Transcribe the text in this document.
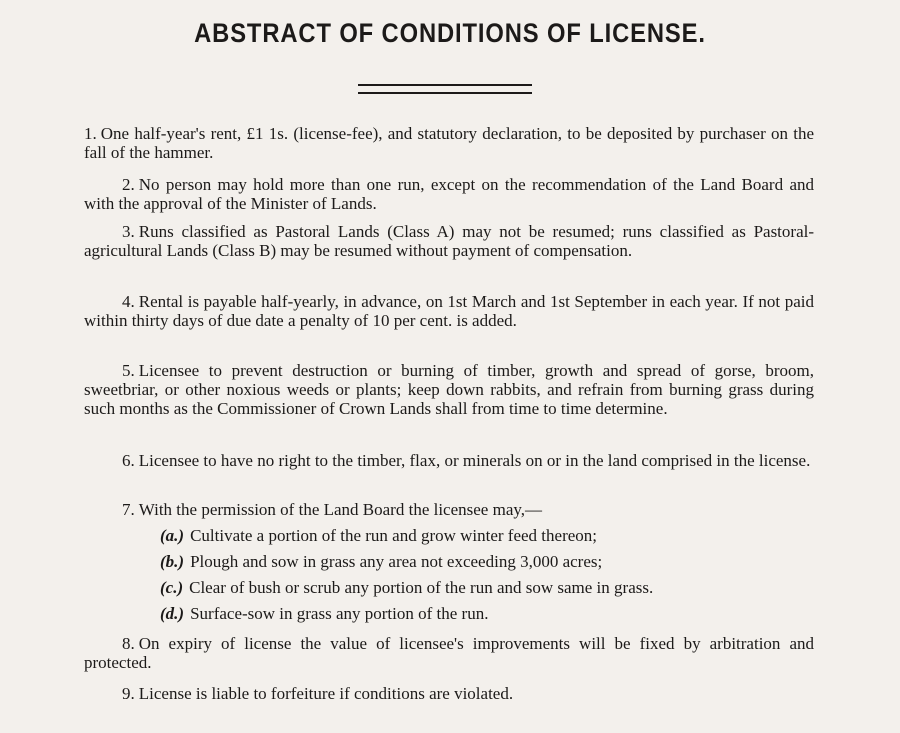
ABSTRACT OF CONDITIONS OF LICENSE.
1. One half-year's rent, £1 1s. (license-fee), and statutory declaration, to be deposited by purchaser on the fall of the hammer.
2. No person may hold more than one run, except on the recommendation of the Land Board and with the approval of the Minister of Lands.
3. Runs classified as Pastoral Lands (Class A) may not be resumed; runs classified as Pastoral-agricultural Lands (Class B) may be resumed without payment of compensation.
4. Rental is payable half-yearly, in advance, on 1st March and 1st September in each year. If not paid within thirty days of due date a penalty of 10 per cent. is added.
5. Licensee to prevent destruction or burning of timber, growth and spread of gorse, broom, sweetbriar, or other noxious weeds or plants; keep down rabbits, and refrain from burning grass during such months as the Commissioner of Crown Lands shall from time to time determine.
6. Licensee to have no right to the timber, flax, or minerals on or in the land comprised in the license.
7. With the permission of the Land Board the licensee may,—
(a.) Cultivate a portion of the run and grow winter feed thereon;
(b.) Plough and sow in grass any area not exceeding 3,000 acres;
(c.) Clear of bush or scrub any portion of the run and sow same in grass.
(d.) Surface-sow in grass any portion of the run.
8. On expiry of license the value of licensee's improvements will be fixed by arbitration and protected.
9. License is liable to forfeiture if conditions are violated.
